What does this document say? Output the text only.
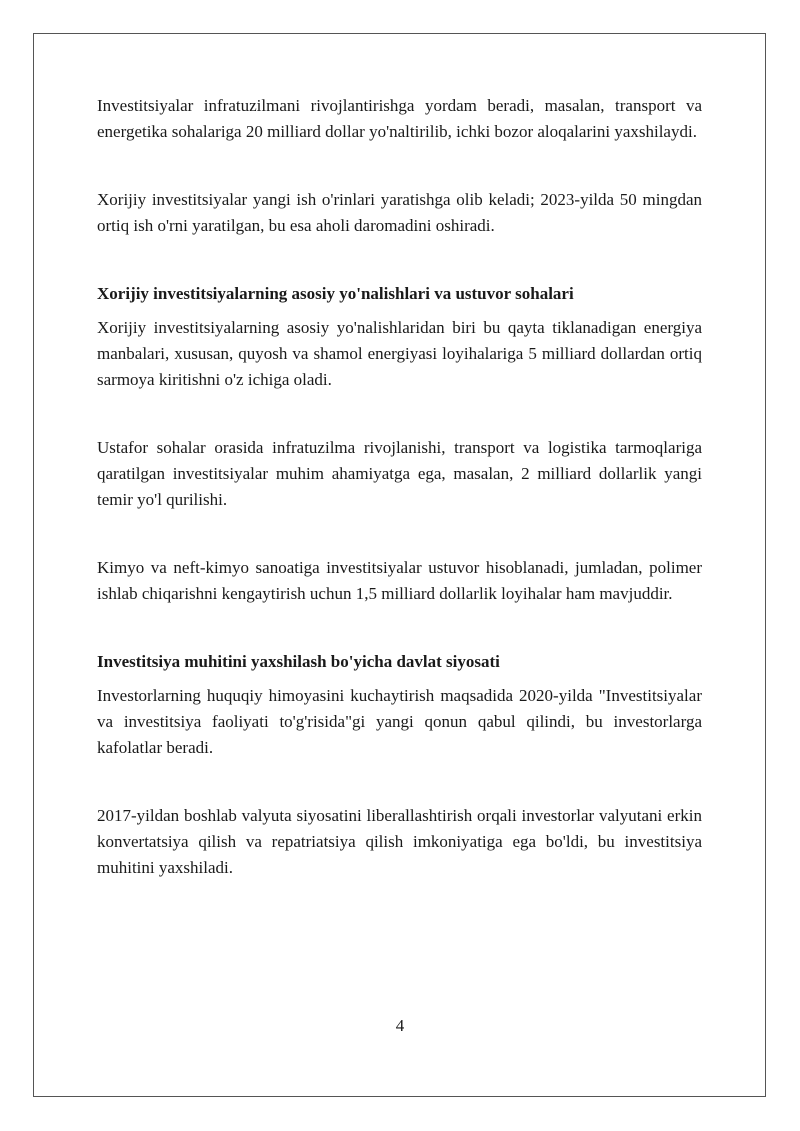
Investitsiyalar infratuzilmani rivojlantirishga yordam beradi, masalan, transport va energetika sohalariga 20 milliard dollar yo'naltirilib, ichki bozor aloqalarini yaxshilaydi.

Xorijiy investitsiyalar yangi ish o'rinlari yaratishga olib keladi; 2023-yilda 50 mingdan ortiq ish o'rni yaratilgan, bu esa aholi daromadini oshiradi.

Xorijiy investitsiyalarning asosiy yo'nalishlari va ustuvor sohalari

Xorijiy investitsiyalarning asosiy yo'nalishlaridan biri bu qayta tiklanadigan energiya manbalari, xususan, quyosh va shamol energiyasi loyihalariga 5 milliard dollardan ortiq sarmoya kiritishni o'z ichiga oladi.

Ustafor sohalar orasida infratuzilma rivojlanishi, transport va logistika tarmoqlariga qaratilgan investitsiyalar muhim ahamiyatga ega, masalan, 2 milliard dollarlik yangi temir yo'l qurilishi.

Kimyo va neft-kimyo sanoatiga investitsiyalar ustuvor hisoblanadi, jumladan, polimer ishlab chiqarishni kengaytirish uchun 1,5 milliard dollarlik loyihalar ham mavjuddir.

Investitsiya muhitini yaxshilash bo'yicha davlat siyosati

Investorlarning huquqiy himoyasini kuchaytirish maqsadida 2020-yilda "Investitsiyalar va investitsiya faoliyati to'g'risida"gi yangi qonun qabul qilindi, bu investorlarga kafolatlar beradi.

2017-yildan boshlab valyuta siyosatini liberallashtirish orqali investorlar valyutani erkin konvertatsiya qilish va repatriatsiya qilish imkoniyatiga ega bo'ldi, bu investitsiya muhitini yaxshiladi.

4
